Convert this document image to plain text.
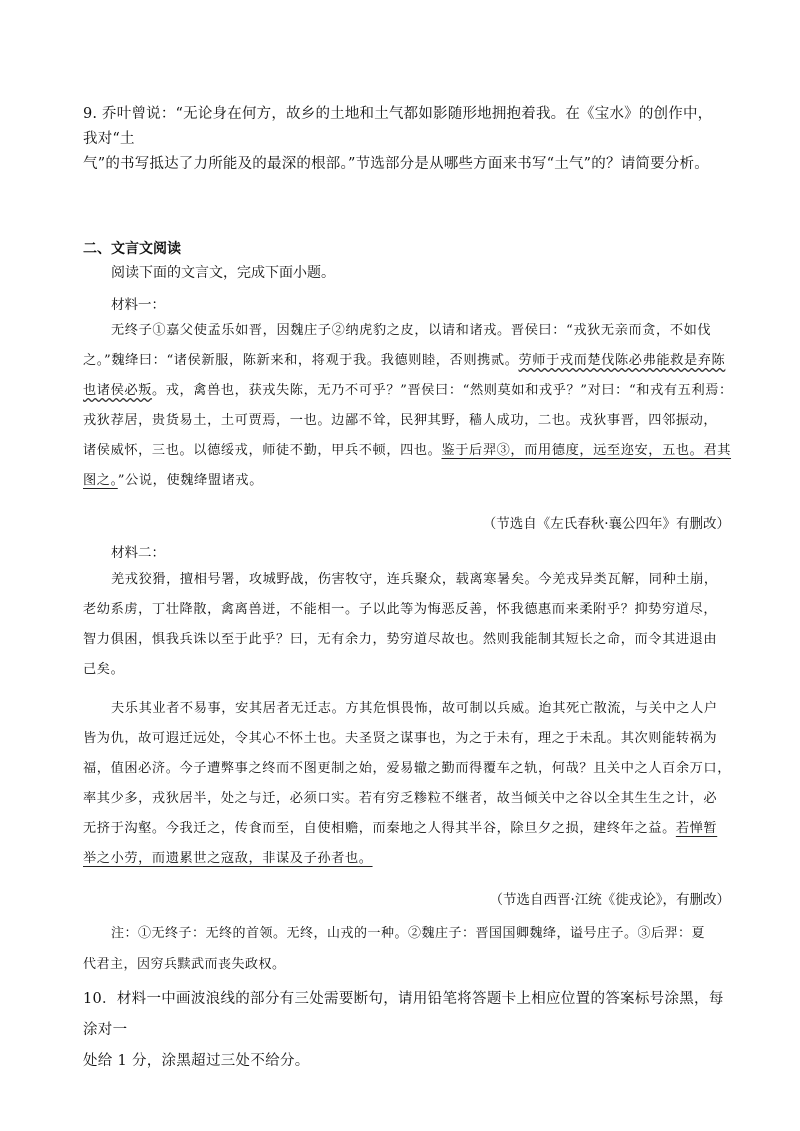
9. 乔叶曾说：“无论身在何方，故乡的土地和土气都如影随形地拥抱着我。在《宝水》的创作中，我对“土
气”的书写抵达了力所能及的最深的根部。”节选部分是从哪些方面来书写“土气”的？请简要分析。
二、文言文阅读
阅读下面的文言文，完成下面小题。
材料一：
无终子①嘉父使孟乐如晋，因魏庄子②纳虎豹之皮，以请和诸戎。晋侯曰：“戎狄无亲而贪，不如伐
之。”魏绛曰：“诸侯新服，陈新来和，将观于我。我德则睦，否则携贰。劳师于戎而楚伐陈必弗能救是弃陈
也诸侯必叛。戎，禽兽也，获戎失陈，无乃不可乎？”晋侯曰：“然则莫如和戎乎？”对曰：“和戎有五利焉：
戎狄荐居，贵货易土，土可贾焉，一也。边鄙不耸，民狎其野，穑人成功，二也。戎狄事晋，四邻振动，
诸侯威怀，三也。以德绥戎，师徒不勤，甲兵不顿，四也。鉴于后羿③，而用德度，远至迩安，五也。君其
图之。”公说，使魏绛盟诸戎。
（节选自《左氏春秋·襄公四年》有删改）
材料二：
羌戎狡猾，擅相号署，攻城野战，伤害牧守，连兵聚众，载离寒暑矣。今羌戎异类瓦解，同种土崩，
老幼系虏，丁壮降散，禽离兽迸，不能相一。子以此等为悔恶反善，怀我德惠而来柔附乎？抑势穷道尽，
智力俱困，惧我兵诛以至于此乎？曰，无有余力，势穷道尽故也。然则我能制其短长之命，而令其进退由
己矣。
夫乐其业者不易事，安其居者无迁志。方其危惧畏怖，故可制以兵威。迨其死亡散流，与关中之人户
皆为仇，故可遐迁远处，令其心不怀土也。夫圣贤之谋事也，为之于未有，理之于未乱。其次则能转祸为
福，值困必济。今子遭弊事之终而不图更制之始，爱易辙之勤而得覆车之轨，何哉？且关中之人百余万口，
率其少多，戎狄居半，处之与迁，必须口实。若有穷乏糁粒不继者，故当倾关中之谷以全其生生之计，必
无挤于沟壑。今我迁之，传食而至，自使相赡，而秦地之人得其半谷，除旦夕之损，建终年之益。若惮暂
举之小劳，而遗累世之寇敌，非谋及子孙者也。
（节选自西晋·江统《徙戎论》，有删改）
注：①无终子：无终的首领。无终，山戎的一种。②魏庄子：晋国国卿魏绛，谥号庄子。③后羿：夏
代君主，因穷兵黩武而丧失政权。
10．材料一中画波浪线的部分有三处需要断句，请用铅笔将答题卡上相应位置的答案标号涂黑，每涂对一
处给 1 分，涂黑超过三处不给分。
